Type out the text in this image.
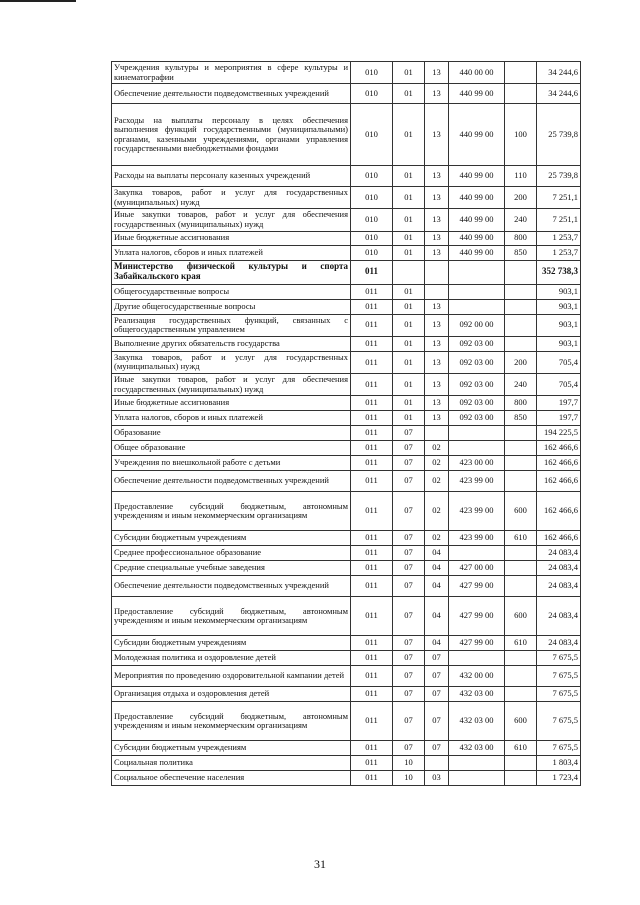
Учреждения культуры и мероприятия в сфере культуры и кинематографии	010	01	13	440 00 00		34 244,6
Обеспечение деятельности подведомственных учреждений	010	01	13	440 99 00		34 244,6
Расходы на выплаты персоналу в целях обеспечения выполнения функций государственными (муниципальными) органами, казенными учреждениями, органами управления государственными внебюджетными фондами	010	01	13	440 99 00	100	25 739,8
Расходы на выплаты персоналу казенных учреждений	010	01	13	440 99 00	110	25 739,8
Закупка товаров, работ и услуг для государственных (муниципальных) нужд	010	01	13	440 99 00	200	7 251,1
Иные закупки товаров, работ и услуг для обеспечения государственных (муниципальных) нужд	010	01	13	440 99 00	240	7 251,1
Иные бюджетные ассигнования	010	01	13	440 99 00	800	1 253,7
Уплата налогов, сборов и иных платежей	010	01	13	440 99 00	850	1 253,7
Министерство физической культуры и спорта Забайкальского края	011					352 738,3
Общегосударственные вопросы	011	01				903,1
Другие общегосударственные вопросы	011	01	13			903,1
Реализация государственных функций, связанных с общегосударственным управлением	011	01	13	092 00 00		903,1
Выполнение других обязательств государства	011	01	13	092 03 00		903,1
Закупка товаров, работ и услуг для государственных (муниципальных) нужд	011	01	13	092 03 00	200	705,4
Иные закупки товаров, работ и услуг для обеспечения государственных (муниципальных) нужд	011	01	13	092 03 00	240	705,4
Иные бюджетные ассигнования	011	01	13	092 03 00	800	197,7
Уплата налогов, сборов и иных платежей	011	01	13	092 03 00	850	197,7
Образование	011	07				194 225,5
Общее образование	011	07	02			162 466,6
Учреждения по внешкольной работе с детьми	011	07	02	423 00 00		162 466,6
Обеспечение деятельности подведомственных учреждений	011	07	02	423 99 00		162 466,6
Предоставление субсидий бюджетным, автономным учреждениям и иным некоммерческим организациям	011	07	02	423 99 00	600	162 466,6
Субсидии бюджетным учреждениям	011	07	02	423 99 00	610	162 466,6
Среднее профессиональное образование	011	07	04			24 083,4
Средние специальные учебные заведения	011	07	04	427 00 00		24 083,4
Обеспечение деятельности подведомственных учреждений	011	07	04	427 99 00		24 083,4
Предоставление субсидий бюджетным, автономным учреждениям и иным некоммерческим организациям	011	07	04	427 99 00	600	24 083,4
Субсидии бюджетным учреждениям	011	07	04	427 99 00	610	24 083,4
Молодежная политика и оздоровление детей	011	07	07			7 675,5
Мероприятия по проведению оздоровительной кампании детей	011	07	07	432 00 00		7 675,5
Организация отдыха и оздоровления детей	011	07	07	432 03 00		7 675,5
Предоставление субсидий бюджетным, автономным учреждениям и иным некоммерческим организациям	011	07	07	432 03 00	600	7 675,5
Субсидии бюджетным учреждениям	011	07	07	432 03 00	610	7 675,5
Социальная политика	011	10				1 803,4
Социальное обеспечение населения	011	10	03			1 723,4
31
